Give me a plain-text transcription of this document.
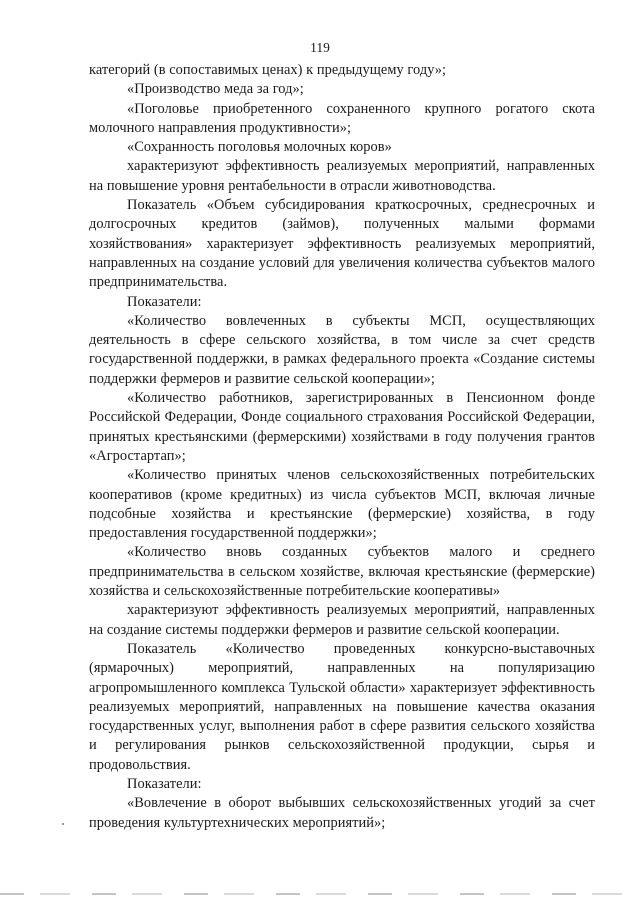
119

категорий (в сопоставимых ценах) к предыдущему году»;

«Производство меда за год»;

«Поголовье приобретенного сохраненного крупного рогатого скота молочного направления продуктивности»;

«Сохранность поголовья молочных коров»

характеризуют эффективность реализуемых мероприятий, направленных на повышение уровня рентабельности в отрасли животноводства.

Показатель «Объем субсидирования краткосрочных, среднесрочных и долгосрочных кредитов (займов), полученных малыми формами хозяйствования» характеризует эффективность реализуемых мероприятий, направленных на создание условий для увеличения количества субъектов малого предпринимательства.

Показатели:

«Количество вовлеченных в субъекты МСП, осуществляющих деятельность в сфере сельского хозяйства, в том числе за счет средств государственной поддержки, в рамках федерального проекта «Создание системы поддержки фермеров и развитие сельской кооперации»;

«Количество работников, зарегистрированных в Пенсионном фонде Российской Федерации, Фонде социального страхования Российской Федерации, принятых крестьянскими (фермерскими) хозяйствами в году получения грантов «Агростартап»;

«Количество принятых членов сельскохозяйственных потребительских кооперативов (кроме кредитных) из числа субъектов МСП, включая личные подсобные хозяйства и крестьянские (фермерские) хозяйства, в году предоставления государственной поддержки»;

«Количество вновь созданных субъектов малого и среднего предпринимательства в сельском хозяйстве, включая крестьянские (фермерские) хозяйства и сельскохозяйственные потребительские кооперативы»

характеризуют эффективность реализуемых мероприятий, направленных на создание системы поддержки фермеров и развитие сельской кооперации.

Показатель «Количество проведенных конкурсно-выставочных (ярмарочных) мероприятий, направленных на популяризацию агропромышленного комплекса Тульской области» характеризует эффективность реализуемых мероприятий, направленных на повышение качества оказания государственных услуг, выполнения работ в сфере развития сельского хозяйства и регулирования рынков сельскохозяйственной продукции, сырья и продовольствия.

Показатели:

«Вовлечение в оборот выбывших сельскохозяйственных угодий за счет проведения культуртехнических мероприятий»;
